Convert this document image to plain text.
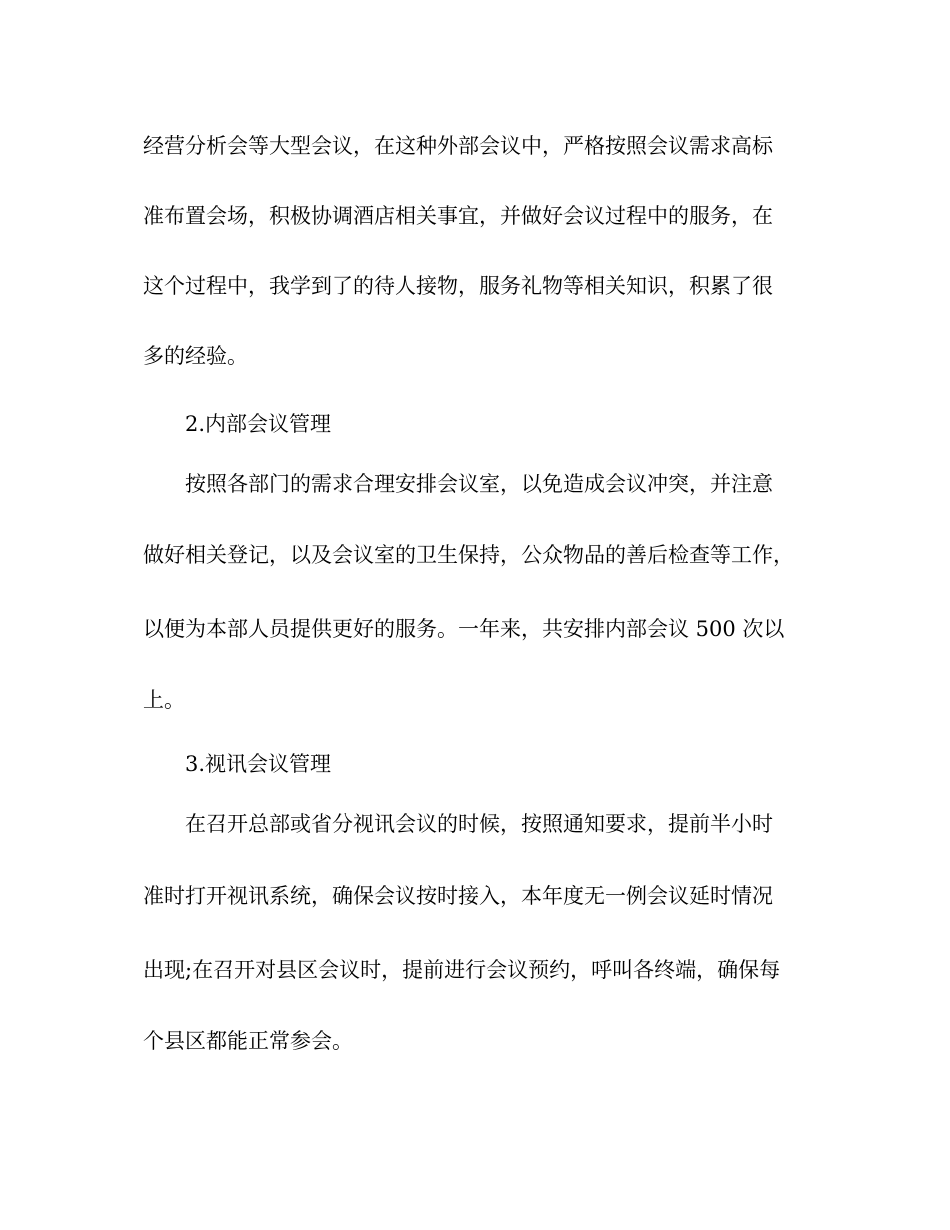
经营分析会等大型会议，在这种外部会议中，严格按照会议需求高标
准布置会场，积极协调酒店相关事宜，并做好会议过程中的服务，在
这个过程中，我学到了的待人接物，服务礼物等相关知识，积累了很
多的经验。
2.内部会议管理
按照各部门的需求合理安排会议室，以免造成会议冲突，并注意
做好相关登记，以及会议室的卫生保持，公众物品的善后检查等工作，
以便为本部人员提供更好的服务。一年来，共安排内部会议 500 次以
上。
3.视讯会议管理
在召开总部或省分视讯会议的时候，按照通知要求，提前半小时
准时打开视讯系统，确保会议按时接入，本年度无一例会议延时情况
出现;在召开对县区会议时，提前进行会议预约，呼叫各终端，确保每
个县区都能正常参会。
